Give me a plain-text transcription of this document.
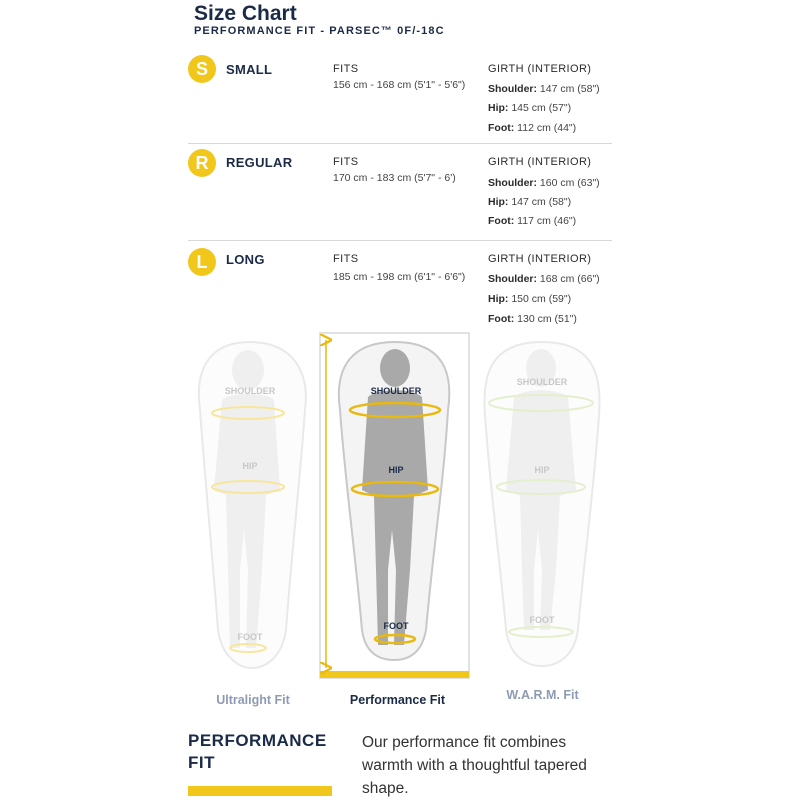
Size Chart
PERFORMANCE FIT - PARSEC™ 0F/-18C
S	SMALL	FITS
156 cm - 168 cm (5'1" - 5'6")
GIRTH (INTERIOR)
Shoulder: 147 cm (58")
Hip: 145 cm (57")
Foot: 112 cm (44")
R	REGULAR	FITS
170 cm - 183 cm (5'7" - 6')
GIRTH (INTERIOR)
Shoulder: 160 cm (63")
Hip: 147 cm (58")
Foot: 117 cm (46")
L	LONG	FITS
185 cm - 198 cm (6'1" - 6'6")
GIRTH (INTERIOR)
Shoulder: 168 cm (66")
Hip: 150 cm (59")
Foot: 130 cm (51")
SHOULDER
HIP
FOOT
SHOULDER
HIP
FOOT
SHOULDER
HIP
FOOT
Ultralight Fit	Performance Fit	W.A.R.M. Fit
PERFORMANCE
FIT
Our performance fit combines warmth with a thoughtful tapered shape.
